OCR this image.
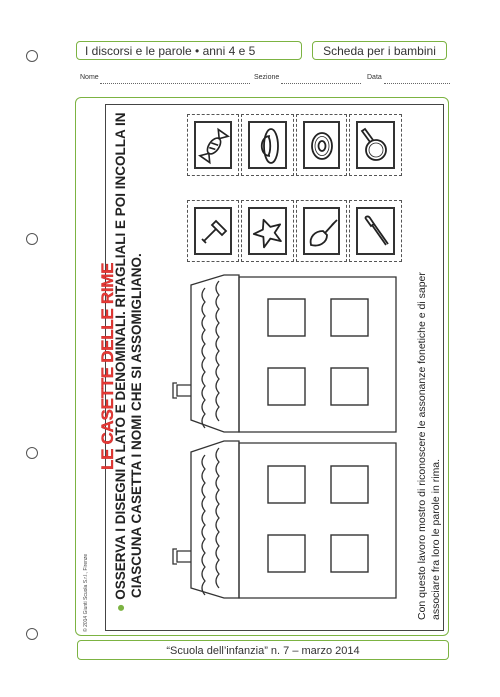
I discorsi e le parole • anni 4 e 5	Scheda per i bambini
Nome	Sezione	Data
© 2014 Giunti Scuola S.r.l., Firenze
LE CASETTE DELLE RIME
● OSSERVA I DISEGNI A LATO E DENOMINALI. RITAGLIALI E POI INCOLLA IN CIASCUNA CASETTA I NOMI CHE SI ASSOMIGLIANO.	Con questo lavoro mostro di riconoscere le assonanze fonetiche e di saper associare fra loro le parole in rima.
“Scuola dell’infanzia” n. 7 – marzo 2014
